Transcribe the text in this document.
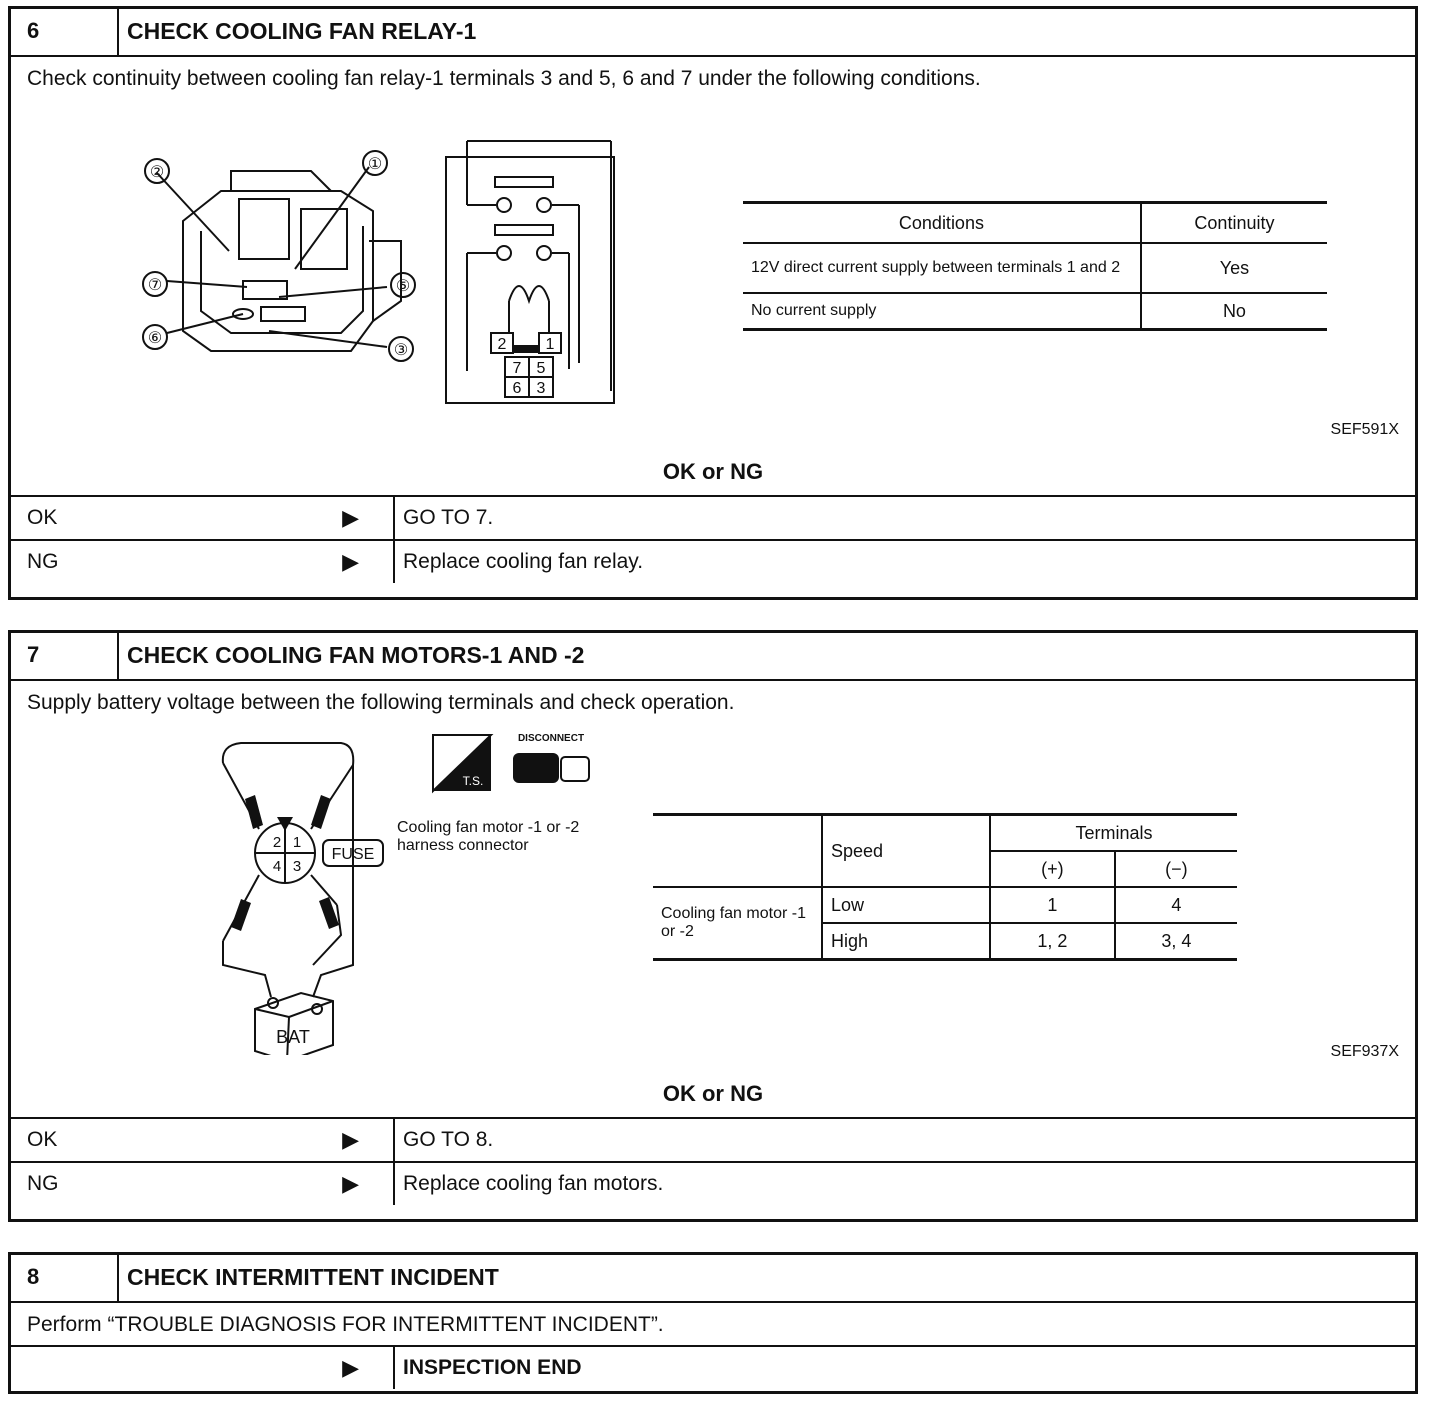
6	CHECK COOLING FAN RELAY-1
Check continuity between cooling fan relay-1 terminals 3 and 5, 6 and 7 under the following conditions.
②	①
⑦	⑤
⑥
③	2 1
7 5
6 3
Conditions	Continuity
12V direct current supply between terminals 1 and 2	Yes
No current supply	No
SEF591X
OK or NG
OK	▶	GO TO 7.
NG	▶	Replace cooling fan relay.
7	CHECK COOLING FAN MOTORS-1 AND -2
Supply battery voltage between the following terminals and check operation.
2 1
4 3
FUSE
BAT
T.S.
DISCONNECT
Cooling fan motor -1 or -2 harness connector
		Speed	Terminals	
		(+)	(−)
Cooling fan motor -1 or -2	Low	1	4
	High	1, 2	3, 4
SEF937X
OK or NG
OK	▶	GO TO 8.
NG	▶	Replace cooling fan motors.
8	CHECK INTERMITTENT INCIDENT
Perform “TROUBLE DIAGNOSIS FOR INTERMITTENT INCIDENT”.
▶	INSPECTION END
